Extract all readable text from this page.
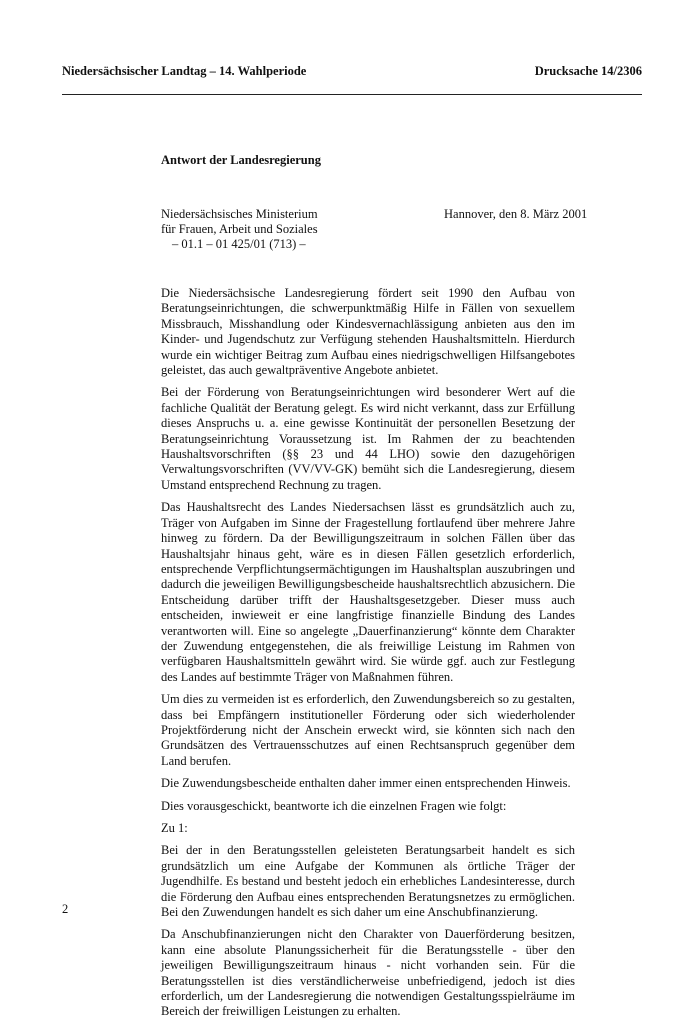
Niedersächsischer Landtag – 14. Wahlperiode	Drucksache 14/2306
Antwort der Landesregierung
Niedersächsisches Ministerium
für Frauen, Arbeit und Soziales
– 01.1 – 01 425/01 (713) –
Hannover, den 8. März 2001

Die Niedersächsische Landesregierung fördert seit 1990 den Aufbau von Beratungseinrichtungen, die schwerpunktmäßig Hilfe in Fällen von sexuellem Missbrauch, Misshandlung oder Kindesvernachlässigung anbieten aus den im Kinder- und Jugendschutz zur Verfügung stehenden Haushaltsmitteln. Hierdurch wurde ein wichtiger Beitrag zum Aufbau eines niedrigschwelligen Hilfsangebotes geleistet, das auch gewaltpräventive Angebote anbietet.

Bei der Förderung von Beratungseinrichtungen wird besonderer Wert auf die fachliche Qualität der Beratung gelegt. Es wird nicht verkannt, dass zur Erfüllung dieses Anspruchs u. a. eine gewisse Kontinuität der personellen Besetzung der Beratungseinrichtung Voraussetzung ist. Im Rahmen der zu beachtenden Haushaltsvorschriften (§§ 23 und 44 LHO) sowie den dazugehörigen Verwaltungsvorschriften (VV/VV-GK) bemüht sich die Landesregierung, diesem Umstand entsprechend Rechnung zu tragen.

Das Haushaltsrecht des Landes Niedersachsen lässt es grundsätzlich auch zu, Träger von Aufgaben im Sinne der Fragestellung fortlaufend über mehrere Jahre hinweg zu fördern. Da der Bewilligungszeitraum in solchen Fällen über das Haushaltsjahr hinaus geht, wäre es in diesen Fällen gesetzlich erforderlich, entsprechende Verpflichtungsermächtigungen im Haushaltsplan auszubringen und dadurch die jeweiligen Bewilligungsbescheide haushaltsrechtlich abzusichern. Die Entscheidung darüber trifft der Haushaltsgesetzgeber. Dieser muss auch entscheiden, inwieweit er eine langfristige finanzielle Bindung des Landes verantworten will. Eine so angelegte „Dauerfinanzierung“ könnte dem Charakter der Zuwendung entgegenstehen, die als freiwillige Leistung im Rahmen von verfügbaren Haushaltsmitteln gewährt wird. Sie würde ggf. auch zur Festlegung des Landes auf bestimmte Träger von Maßnahmen führen.

Um dies zu vermeiden ist es erforderlich, den Zuwendungsbereich so zu gestalten, dass bei Empfängern institutioneller Förderung oder sich wiederholender Projektförderung nicht der Anschein erweckt wird, sie könnten sich nach den Grundsätzen des Vertrauensschutzes auf einen Rechtsanspruch gegenüber dem Land berufen.

Die Zuwendungsbescheide enthalten daher immer einen entsprechenden Hinweis.

Dies vorausgeschickt, beantworte ich die einzelnen Fragen wie folgt:

Zu 1:

Bei der in den Beratungsstellen geleisteten Beratungsarbeit handelt es sich grundsätzlich um eine Aufgabe der Kommunen als örtliche Träger der Jugendhilfe. Es bestand und besteht jedoch ein erhebliches Landesinteresse, durch die Förderung den Aufbau eines entsprechenden Beratungsnetzes zu ermöglichen. Bei den Zuwendungen handelt es sich daher um eine Anschubfinanzierung.

Da Anschubfinanzierungen nicht den Charakter von Dauerförderung besitzen, kann eine absolute Planungssicherheit für die Beratungsstelle - über den jeweiligen Bewilligungszeitraum hinaus - nicht vorhanden sein. Für die Beratungsstellen ist dies verständlicherweise unbefriedigend, jedoch ist dies erforderlich, um der Landesregierung die notwendigen Gestaltungsspielräume im Bereich der freiwilligen Leistungen zu erhalten.

2
